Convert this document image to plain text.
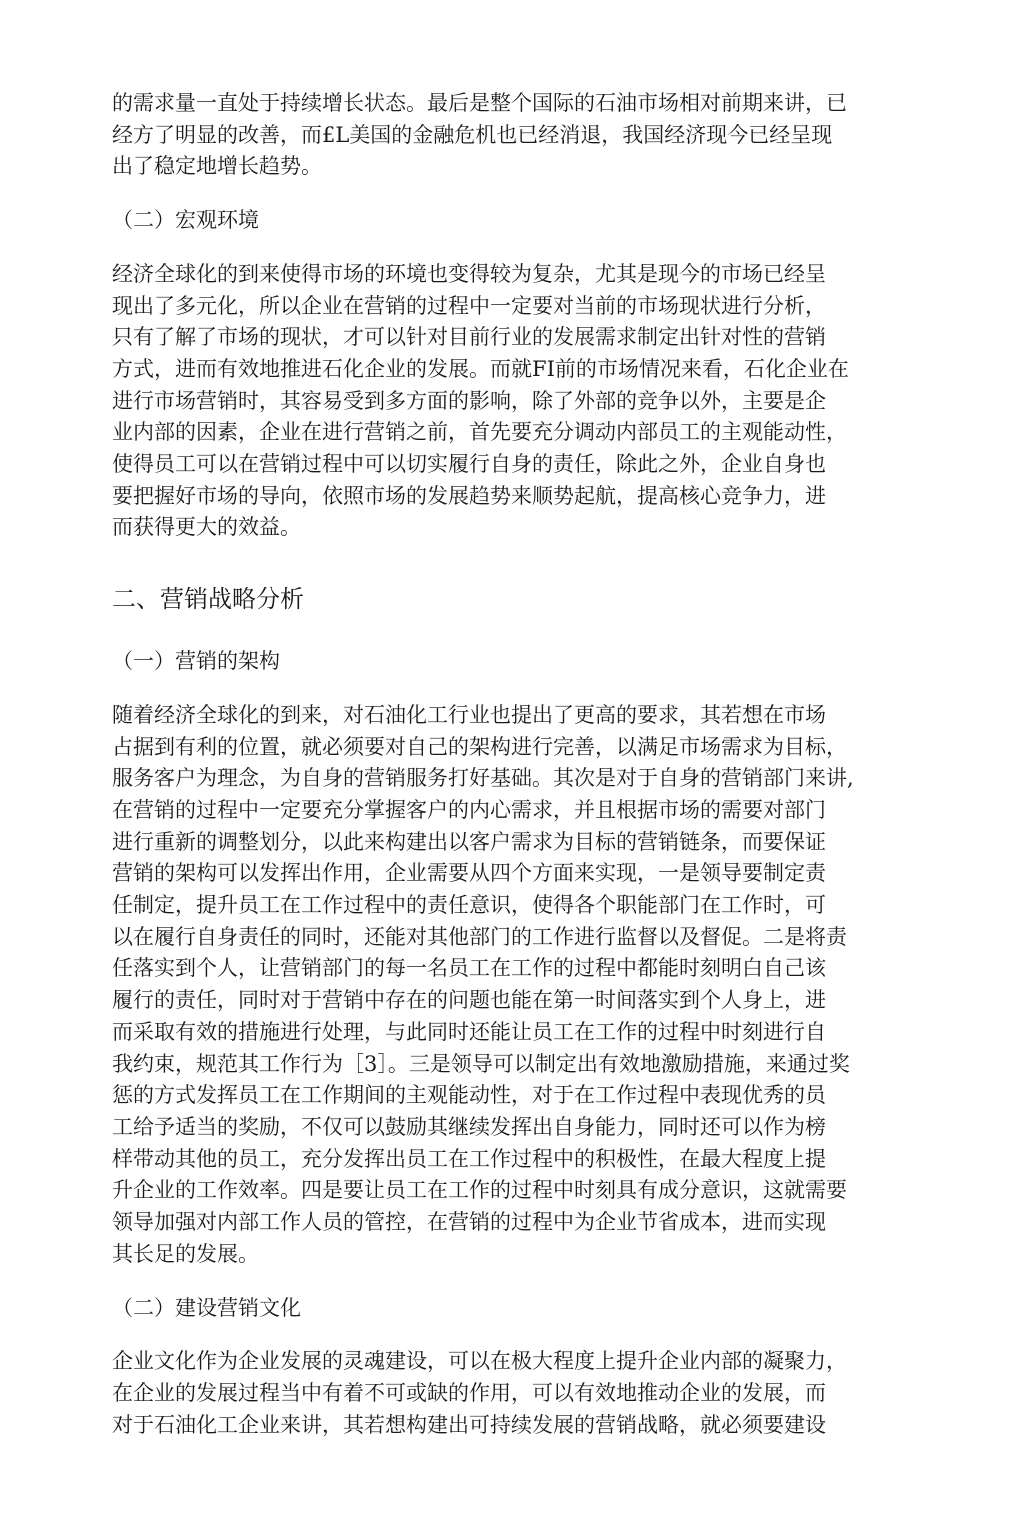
的需求量一直处于持续增长状态。最后是整个国际的石油市场相对前期来讲，已
经方了明显的改善，而£L美国的金融危机也已经消退，我国经济现今已经呈现
出了稳定地增长趋势。

（二）宏观环境

经济全球化的到来使得市场的环境也变得较为复杂，尤其是现今的市场已经呈
现出了多元化，所以企业在营销的过程中一定要对当前的市场现状进行分析，
只有了解了市场的现状，才可以针对目前行业的发展需求制定出针对性的营销
方式，进而有效地推进石化企业的发展。而就FI前的市场情况来看，石化企业在
进行市场营销时，其容易受到多方面的影响，除了外部的竞争以外，主要是企
业内部的因素，企业在进行营销之前，首先要充分调动内部员工的主观能动性，
使得员工可以在营销过程中可以切实履行自身的责任，除此之外，企业自身也
要把握好市场的导向，依照市场的发展趋势来顺势起航，提高核心竞争力，进
而获得更大的效益。

二、营销战略分析

（一）营销的架构

随着经济全球化的到来，对石油化工行业也提出了更高的要求，其若想在市场
占据到有利的位置，就必须要对自己的架构进行完善，以满足市场需求为目标，
服务客户为理念，为自身的营销服务打好基础。其次是对于自身的营销部门来讲,
在营销的过程中一定要充分掌握客户的内心需求，并且根据市场的需要对部门
进行重新的调整划分，以此来构建出以客户需求为目标的营销链条，而要保证
营销的架构可以发挥出作用，企业需要从四个方面来实现，一是领导要制定责
任制定，提升员工在工作过程中的责任意识，使得各个职能部门在工作时，可
以在履行自身责任的同时，还能对其他部门的工作进行监督以及督促。二是将责
任落实到个人，让营销部门的每一名员工在工作的过程中都能时刻明白自己该
履行的责任，同时对于营销中存在的问题也能在第一时间落实到个人身上，进
而采取有效的措施进行处理，与此同时还能让员工在工作的过程中时刻进行自
我约束，规范其工作行为［3］。三是领导可以制定出有效地激励措施，来通过奖
惩的方式发挥员工在工作期间的主观能动性，对于在工作过程中表现优秀的员
工给予适当的奖励，不仅可以鼓励其继续发挥出自身能力，同时还可以作为榜
样带动其他的员工，充分发挥出员工在工作过程中的积极性，在最大程度上提
升企业的工作效率。四是要让员工在工作的过程中时刻具有成分意识，这就需要
领导加强对内部工作人员的管控，在营销的过程中为企业节省成本，进而实现
其长足的发展。

（二）建设营销文化

企业文化作为企业发展的灵魂建设，可以在极大程度上提升企业内部的凝聚力，
在企业的发展过程当中有着不可或缺的作用，可以有效地推动企业的发展，而
对于石油化工企业来讲，其若想构建出可持续发展的营销战略，就必须要建设
